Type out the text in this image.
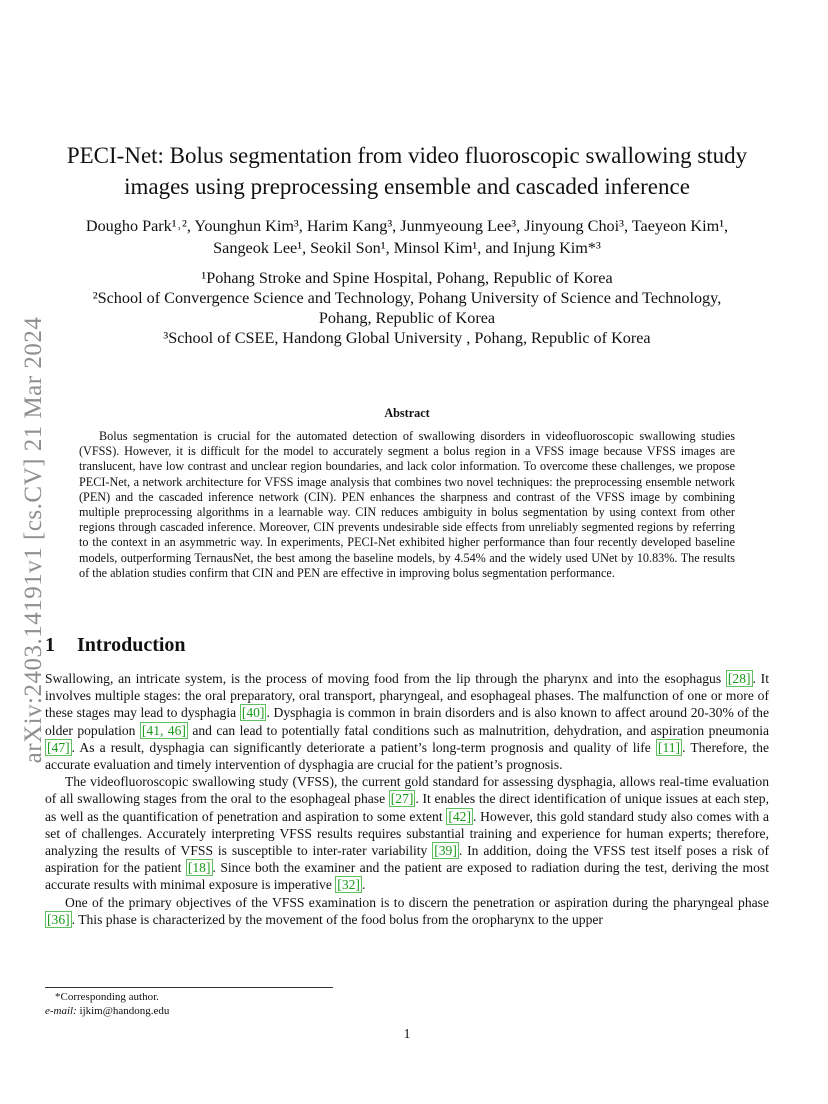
arXiv:2403.14191v1 [cs.CV] 21 Mar 2024
PECI-Net: Bolus segmentation from video fluoroscopic swallowing study
images using preprocessing ensemble and cascaded inference
Dougho Park¹˒², Younghun Kim³, Harim Kang³, Junmyeoung Lee³, Jinyoung Choi³, Taeyeon Kim¹,
Sangeok Lee¹, Seokil Son¹, Minsol Kim¹, and Injung Kim*³
¹Pohang Stroke and Spine Hospital, Pohang, Republic of Korea
²School of Convergence Science and Technology, Pohang University of Science and Technology,
Pohang, Republic of Korea
³School of CSEE, Handong Global University , Pohang, Republic of Korea
Abstract
Bolus segmentation is crucial for the automated detection of swallowing disorders in videofluoroscopic swallowing studies (VFSS). However, it is difficult for the model to accurately segment a bolus region in a VFSS image because VFSS images are translucent, have low contrast and unclear region boundaries, and lack color information. To overcome these challenges, we propose PECI-Net, a network architecture for VFSS image analysis that combines two novel techniques: the preprocessing ensemble network (PEN) and the cascaded inference network (CIN). PEN enhances the sharpness and contrast of the VFSS image by combining multiple preprocessing algorithms in a learnable way. CIN reduces ambiguity in bolus segmentation by using context from other regions through cascaded inference. Moreover, CIN prevents undesirable side effects from unreliably segmented regions by referring to the context in an asymmetric way. In experiments, PECI-Net exhibited higher performance than four recently developed baseline models, outperforming TernausNet, the best among the baseline models, by 4.54% and the widely used UNet by 10.83%. The results of the ablation studies confirm that CIN and PEN are effective in improving bolus segmentation performance.
1 Introduction

Swallowing, an intricate system, is the process of moving food from the lip through the pharynx and into the esophagus [28] . It involves multiple stages: the oral preparatory, oral transport, pharyngeal, and esophageal phases. The malfunction of one or more of these stages may lead to dysphagia [40] . Dysphagia is common in brain disorders and is also known to affect around 20-30% of the older population [41, 46] and can lead to potentially fatal conditions such as malnutrition, dehydration, and aspiration pneumonia [47] . As a result, dysphagia can significantly deteriorate a patient’s long-term prognosis and quality of life [11] . Therefore, the accurate evaluation and timely intervention of dysphagia are crucial for the patient’s prognosis.

The videofluoroscopic swallowing study (VFSS), the current gold standard for assessing dysphagia, allows real-time evaluation of all swallowing stages from the oral to the esophageal phase [27] . It enables the direct identification of unique issues at each step, as well as the quantification of penetration and aspiration to some extent [42] . However, this gold standard study also comes with a set of challenges. Accurately interpreting VFSS results requires substantial training and experience for human experts; therefore, analyzing the results of VFSS is susceptible to inter-rater variability [39] . In addition, doing the VFSS test itself poses a risk of aspiration for the patient [18] . Since both the examiner and the patient are exposed to radiation during the test, deriving the most accurate results with minimal exposure is imperative [32] .

One of the primary objectives of the VFSS examination is to discern the penetration or aspiration during the pharyngeal phase [36] . This phase is characterized by the movement of the food bolus from the oropharynx to the upper

*Corresponding author.
e-mail: ijkim@handong.edu
1
